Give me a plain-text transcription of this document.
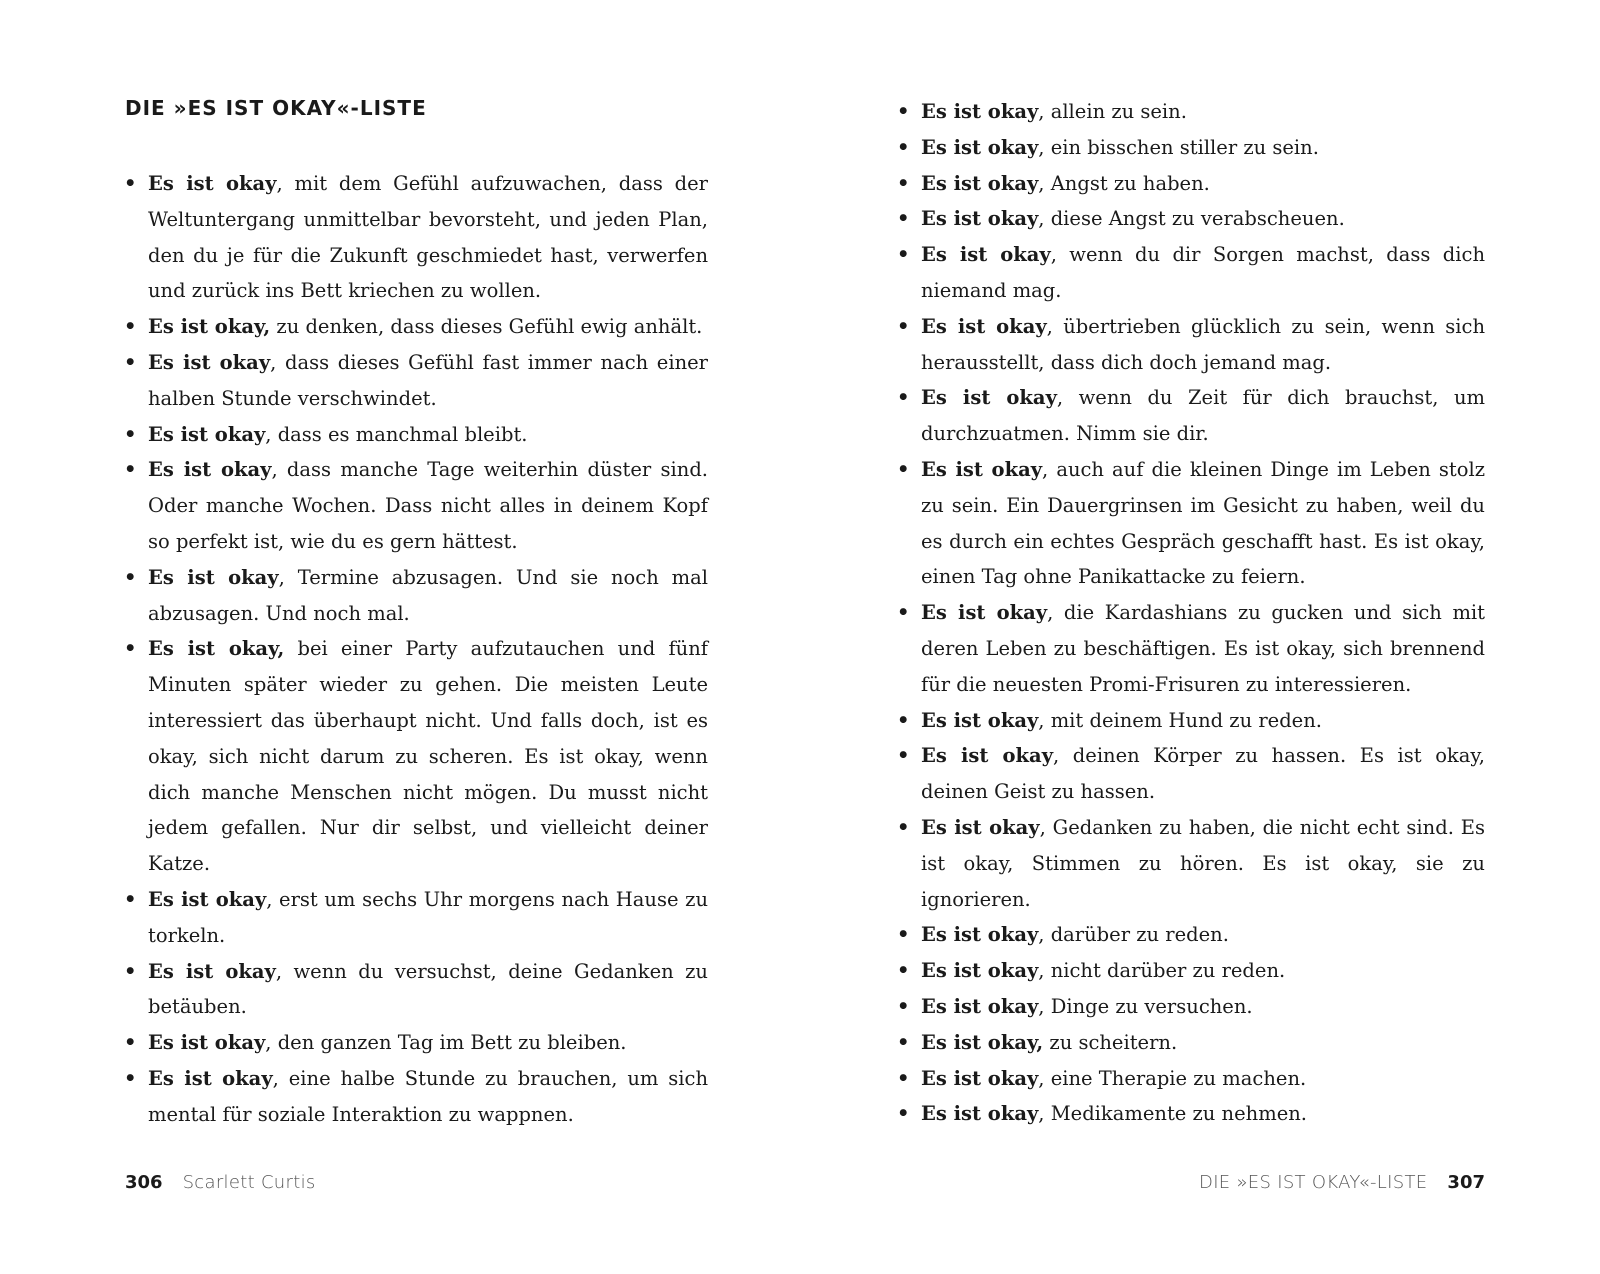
DIE »ES IST OKAY«-LISTE
• Es ist okay, mit dem Gefühl aufzuwachen, dass der Weltuntergang unmittelbar bevorsteht, und jeden Plan, den du je für die Zukunft geschmiedet hast, verwerfen und zurück ins Bett kriechen zu wollen.
• Es ist okay, zu denken, dass dieses Gefühl ewig anhält.
• Es ist okay, dass dieses Gefühl fast immer nach einer halben Stunde verschwindet.
• Es ist okay, dass es manchmal bleibt.
• Es ist okay, dass manche Tage weiterhin düster sind. Oder manche Wochen. Dass nicht alles in deinem Kopf so perfekt ist, wie du es gern hättest.
• Es ist okay, Termine abzusagen. Und sie noch mal abzusagen. Und noch mal.
• Es ist okay, bei einer Party aufzutauchen und fünf Minuten später wieder zu gehen. Die meisten Leute interessiert das überhaupt nicht. Und falls doch, ist es okay, sich nicht darum zu scheren. Es ist okay, wenn dich manche Menschen nicht mögen. Du musst nicht jedem gefallen. Nur dir selbst, und vielleicht deiner Katze.
• Es ist okay, erst um sechs Uhr morgens nach Hause zu torkeln.
• Es ist okay, wenn du versuchst, deine Gedanken zu betäuben.
• Es ist okay, den ganzen Tag im Bett zu bleiben.
• Es ist okay, eine halbe Stunde zu brauchen, um sich mental für soziale Interaktion zu wappnen.
306 Scarlett Curtis
• Es ist okay, allein zu sein.
• Es ist okay, ein bisschen stiller zu sein.
• Es ist okay, Angst zu haben.
• Es ist okay, diese Angst zu verabscheuen.
• Es ist okay, wenn du dir Sorgen machst, dass dich niemand mag.
• Es ist okay, übertrieben glücklich zu sein, wenn sich herausstellt, dass dich doch jemand mag.
• Es ist okay, wenn du Zeit für dich brauchst, um durchzuatmen. Nimm sie dir.
• Es ist okay, auch auf die kleinen Dinge im Leben stolz zu sein. Ein Dauergrinsen im Gesicht zu haben, weil du es durch ein echtes Gespräch geschafft hast. Es ist okay, einen Tag ohne Panikattacke zu feiern.
• Es ist okay, die Kardashians zu gucken und sich mit deren Leben zu beschäftigen. Es ist okay, sich brennend für die neuesten Promi-Frisuren zu interessieren.
• Es ist okay, mit deinem Hund zu reden.
• Es ist okay, deinen Körper zu hassen. Es ist okay, deinen Geist zu hassen.
• Es ist okay, Gedanken zu haben, die nicht echt sind. Es ist okay, Stimmen zu hören. Es ist okay, sie zu ignorieren.
• Es ist okay, darüber zu reden.
• Es ist okay, nicht darüber zu reden.
• Es ist okay, Dinge zu versuchen.
• Es ist okay, zu scheitern.
• Es ist okay, eine Therapie zu machen.
• Es ist okay, Medikamente zu nehmen.
DIE »ES IST OKAY«-LISTE 307
